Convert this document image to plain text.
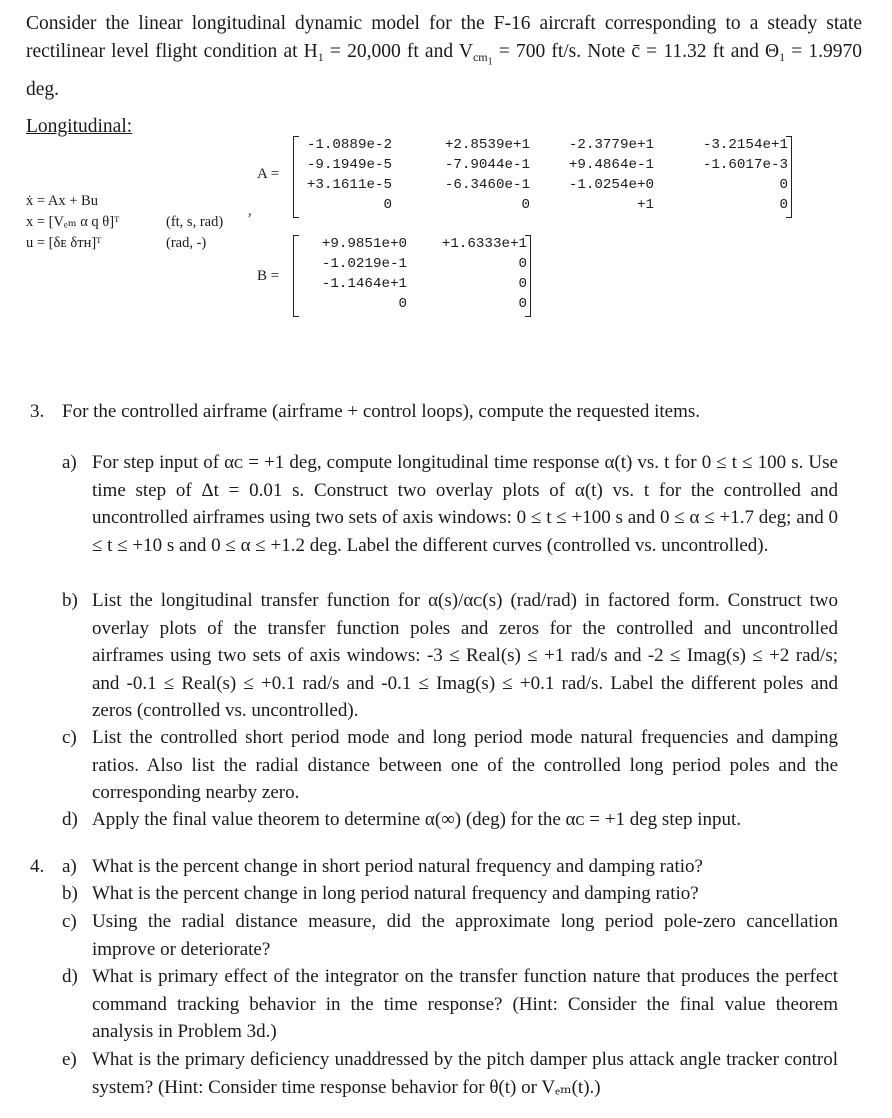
Consider the linear longitudinal dynamic model for the F-16 aircraft corresponding to a steady state rectilinear level flight condition at $H_1 = 20,000$ ft and $V_{cm_1} = 700$ ft/s. Note c̄ = 11.32 ft and $\Theta_1 = 1.9970$ deg.
Longitudinal:
ẋ = Ax + Bu
x = [Vₑₘ α q θ]ᵀ	(ft, s, rad)
u = [δᴇ δᴛʜ]ᵀ	(rad, -)
,
A =
-1.0889e-2	+2.8539e+1	-2.3779e+1	-3.2154e+1
-9.1949e-5	-7.9044e-1	+9.4864e-1	-1.6017e-3
+3.1611e-5	-6.3460e-1	-1.0254e+0	0
0	0	+1	0
B =
+9.9851e+0 +1.6333e+1
-1.0219e-1	0
-1.1464e+1	0
0	0
3. For the controlled airframe (airframe + control loops), compute the requested items.
a) For step input of αᴄ = +1 deg, compute longitudinal time response α(t) vs. t for 0 ≤ t ≤ 100 s. Use time step of Δt = 0.01 s. Construct two overlay plots of α(t) vs. t for the controlled and uncontrolled airframes using two sets of axis windows: 0 ≤ t ≤ +100 s and 0 ≤ α ≤ +1.7 deg; and 0 ≤ t ≤ +10 s and 0 ≤ α ≤ +1.2 deg. Label the different curves (controlled vs. uncontrolled).
b) List the longitudinal transfer function for α(s)/αᴄ(s) (rad/rad) in factored form. Construct two overlay plots of the transfer function poles and zeros for the controlled and uncontrolled airframes using two sets of axis windows: -3 ≤ Real(s) ≤ +1 rad/s and -2 ≤ Imag(s) ≤ +2 rad/s; and -0.1 ≤ Real(s) ≤ +0.1 rad/s and -0.1 ≤ Imag(s) ≤ +0.1 rad/s. Label the different poles and zeros (controlled vs. uncontrolled).
c) List the controlled short period mode and long period mode natural frequencies and damping ratios. Also list the radial distance between one of the controlled long period poles and the corresponding nearby zero.
d) Apply the final value theorem to determine α(∞) (deg) for the αᴄ = +1 deg step input.
4. a) What is the percent change in short period natural frequency and damping ratio?
b) What is the percent change in long period natural frequency and damping ratio?
c) Using the radial distance measure, did the approximate long period pole-zero cancellation improve or deteriorate?
d) What is primary effect of the integrator on the transfer function nature that produces the perfect command tracking behavior in the time response? (Hint: Consider the final value theorem analysis in Problem 3d.)
e) What is the primary deficiency unaddressed by the pitch damper plus attack angle tracker control system? (Hint: Consider time response behavior for θ(t) or Vₑₘ(t).)
